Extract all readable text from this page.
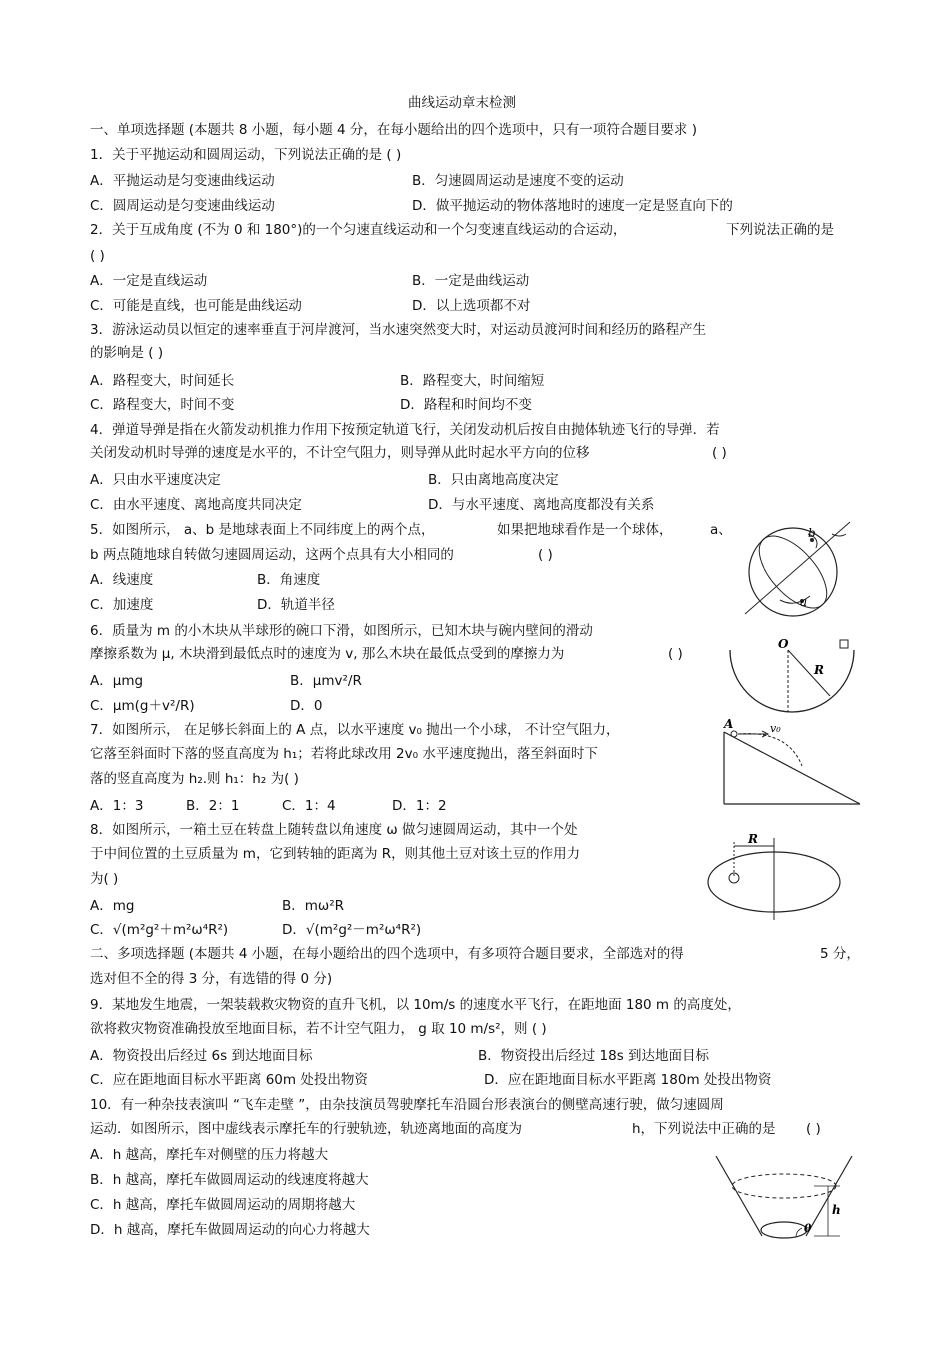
曲线运动章末检测
一、单项选择题 (本题共 8 小题，每小题 4 分，在每小题给出的四个选项中，只有一项符合题目要求 )
1．关于平抛运动和圆周运动，下列说法正确的是 ( )
A．平抛运动是匀变速曲线运动	B．匀速圆周运动是速度不变的运动
C．圆周运动是匀变速曲线运动	D．做平抛运动的物体落地时的速度一定是竖直向下的
2．关于互成角度 (不为 0 和 180°)的一个匀速直线运动和一个匀变速直线运动的合运动，	下列说法正确的是
( )
A．一定是直线运动	B．一定是曲线运动
C．可能是直线，也可能是曲线运动	D．以上选项都不对
3．游泳运动员以恒定的速率垂直于河岸渡河，当水速突然变大时，对运动员渡河时间和经历的路程产生
的影响是 ( )
A．路程变大，时间延长	B．路程变大，时间缩短
C．路程变大，时间不变	D．路程和时间均不变
4．弹道导弹是指在火箭发动机推力作用下按预定轨道飞行，关闭发动机后按自由抛体轨迹飞行的导弹．若
关闭发动机时导弹的速度是水平的，不计空气阻力，则导弹从此时起水平方向的位移	( )
A．只由水平速度决定	B．只由离地高度决定
C．由水平速度、离地高度共同决定	D．与水平速度、离地高度都没有关系
5．如图所示， a、b 是地球表面上不同纬度上的两个点，	如果把地球看作是一个球体，	a、
b 两点随地球自转做匀速圆周运动，这两个点具有大小相同的	( )
A．线速度	B．角速度
C．加速度	D．轨道半径
b
a
6．质量为 m 的小木块从半球形的碗口下滑，如图所示，已知木块与碗内壁间的滑动
摩擦系数为 μ, 木块滑到最低点时的速度为 v, 那么木块在最低点受到的摩擦力为	( )
A．μmg	B．μmv²/R
C．μm(g＋v²/R)	D．0
O
R
7．如图所示， 在足够长斜面上的 A 点，以水平速度 v₀ 抛出一个小球， 不计空气阻力，
它落至斜面时下落的竖直高度为 h₁；若将此球改用 2v₀ 水平速度抛出，落至斜面时下
落的竖直高度为 h₂.则 h₁：h₂ 为( )
A．1：3	B．2：1	C．1：4	D．1：2
A	v₀
8．如图所示，一箱土豆在转盘上随转盘以角速度 ω 做匀速圆周运动，其中一个处
于中间位置的土豆质量为 m，它到转轴的距离为 R，则其他土豆对该土豆的作用力
为( )
A．mg	B．mω²R
C．√(m²g²＋m²ω⁴R²)	D．√(m²g²－m²ω⁴R²)
R
二、多项选择题 (本题共 4 小题，在每小题给出的四个选项中，有多项符合题目要求，全部选对的得	5 分，
选对但不全的得 3 分，有选错的得 0 分)
9．某地发生地震，一架装载救灾物资的直升飞机，以 10m/s 的速度水平飞行，在距地面 180 m 的高度处，
欲将救灾物资准确投放至地面目标，若不计空气阻力， g 取 10 m/s²，则 ( )
A．物资投出后经过 6s 到达地面目标	B．物资投出后经过 18s 到达地面目标
C．应在距地面目标水平距离 60m 处投出物资	D．应在距地面目标水平距离 180m 处投出物资
10．有一种杂技表演叫 “飞车走壁 ”，由杂技演员驾驶摩托车沿圆台形表演台的侧壁高速行驶，做匀速圆周
运动．如图所示，图中虚线表示摩托车的行驶轨迹，轨迹离地面的高度为	h，下列说法中正确的是 ( )
A．h 越高，摩托车对侧壁的压力将越大
B．h 越高，摩托车做圆周运动的线速度将越大
C．h 越高，摩托车做圆周运动的周期将越大
D．h 越高，摩托车做圆周运动的向心力将越大
h
θ
